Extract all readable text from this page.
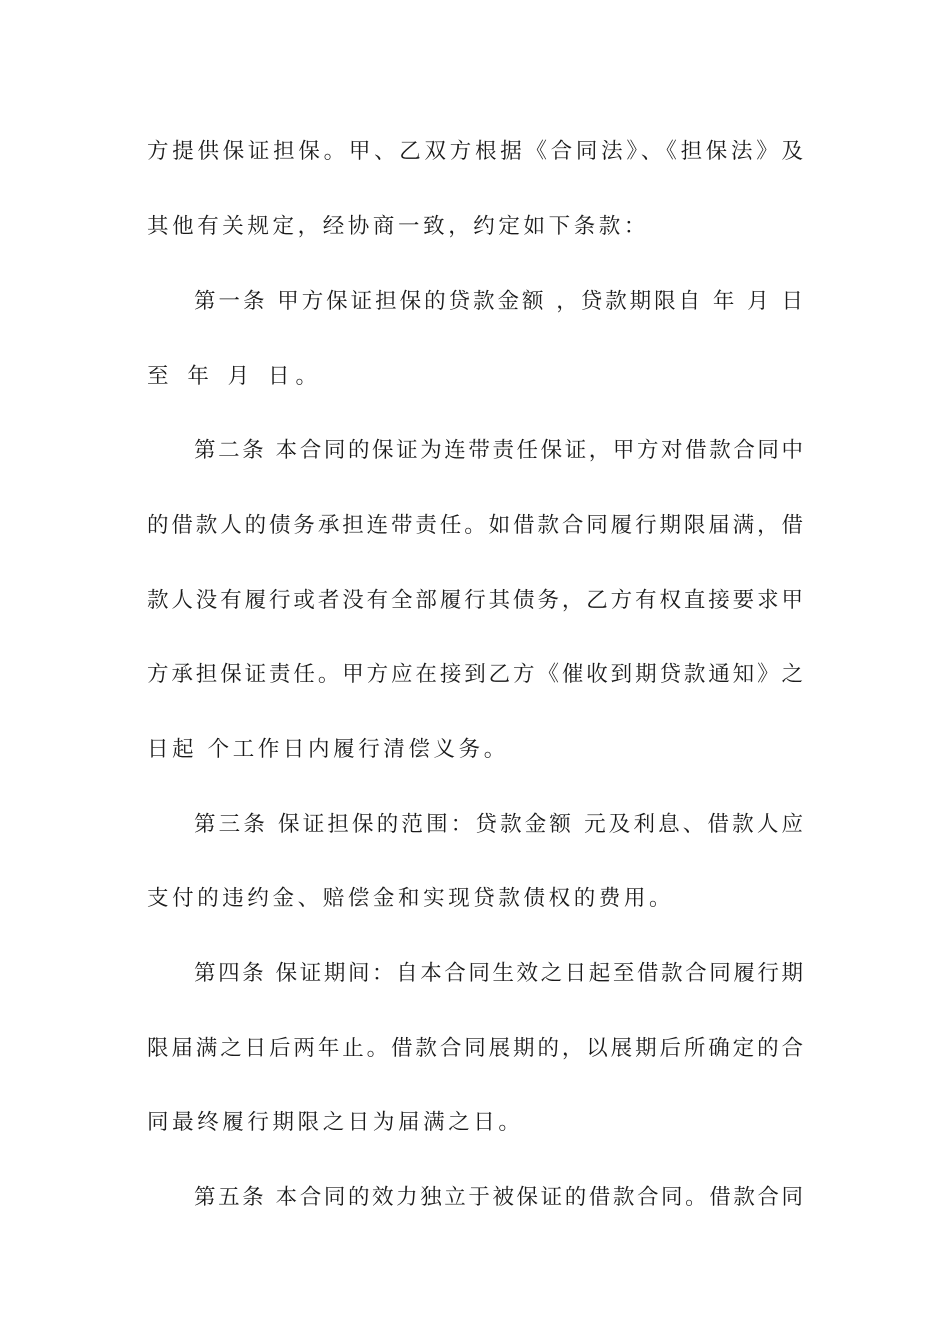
方提供保证担保。甲、乙双方根据《合同法》、《担保法》及

其他有关规定，经协商一致，约定如下条款：

第一条 甲方保证担保的贷款金额 ，贷款期限自 年 月 日

至 年 月 日。

第二条 本合同的保证为连带责任保证，甲方对借款合同中

的借款人的债务承担连带责任。如借款合同履行期限届满，借

款人没有履行或者没有全部履行其债务，乙方有权直接要求甲

方承担保证责任。甲方应在接到乙方《催收到期贷款通知》之

日起 个工作日内履行清偿义务。

第三条 保证担保的范围：贷款金额 元及利息、借款人应

支付的违约金、赔偿金和实现贷款债权的费用。

第四条 保证期间：自本合同生效之日起至借款合同履行期

限届满之日后两年止。借款合同展期的，以展期后所确定的合

同最终履行期限之日为届满之日。

第五条 本合同的效力独立于被保证的借款合同。借款合同
